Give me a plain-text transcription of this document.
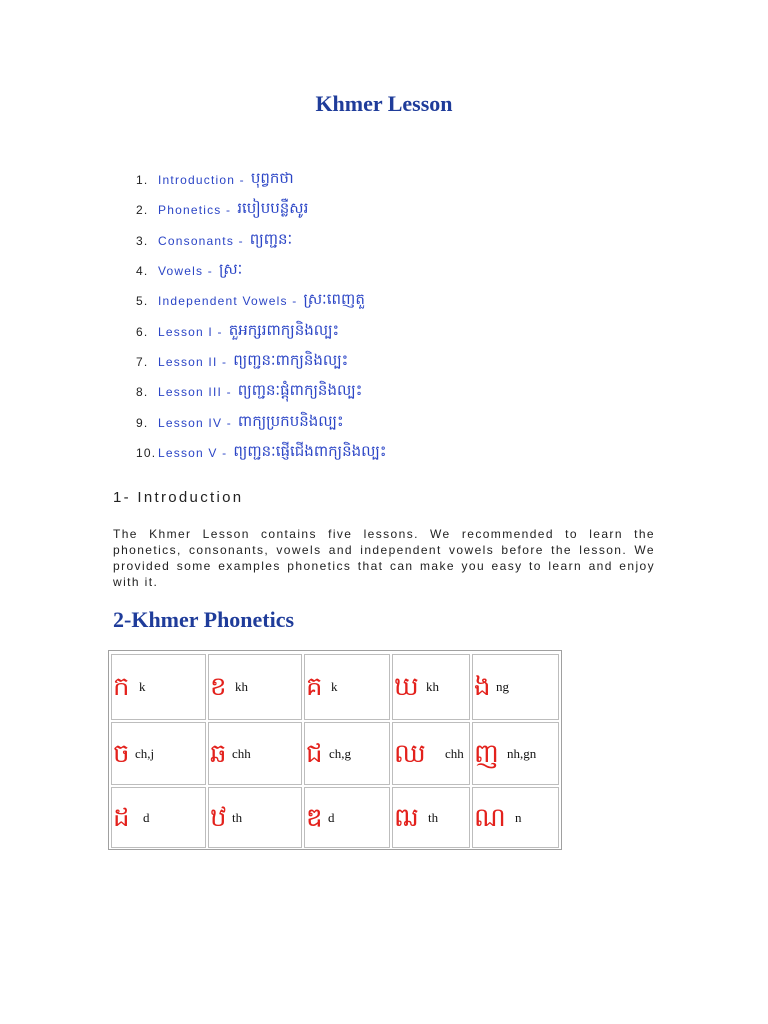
Khmer Lesson
1. Introduction - បុព្វកថា
2. Phonetics - របៀបបន្លឺសូរ
3. Consonants - ព្យញ្ជនៈ
4. Vowels - ស្រៈ
5. Independent Vowels - ស្រៈពេញតួ
6. Lesson I - តួអក្សរពាក្យនិងល្បះ
7. Lesson II - ព្យញ្ជនៈពាក្យនិងល្បះ
8. Lesson III - ព្យញ្ជនៈផ្តុំពាក្យនិងល្បះ
9. Lesson IV - ពាក្យប្រកបនិងល្បះ
10. Lesson V - ព្យញ្ជនៈផ្ញើជើងពាក្យនិងល្បះ
1- Introduction

The Khmer Lesson contains five lessons. We recommended to learn the phonetics, consonants, vowels and independent vowels before the lesson. We provided some examples phonetics that can make you easy to learn and enjoy with it.

2-Khmer Phonetics
ក k ខ kh គ k ឃ kh ង ng
ច ch,j ឆ chh ជ ch,g ឈ	chh ញ nh,gn
ដ	d ឋ th ឌ d ឍ th ណ n
